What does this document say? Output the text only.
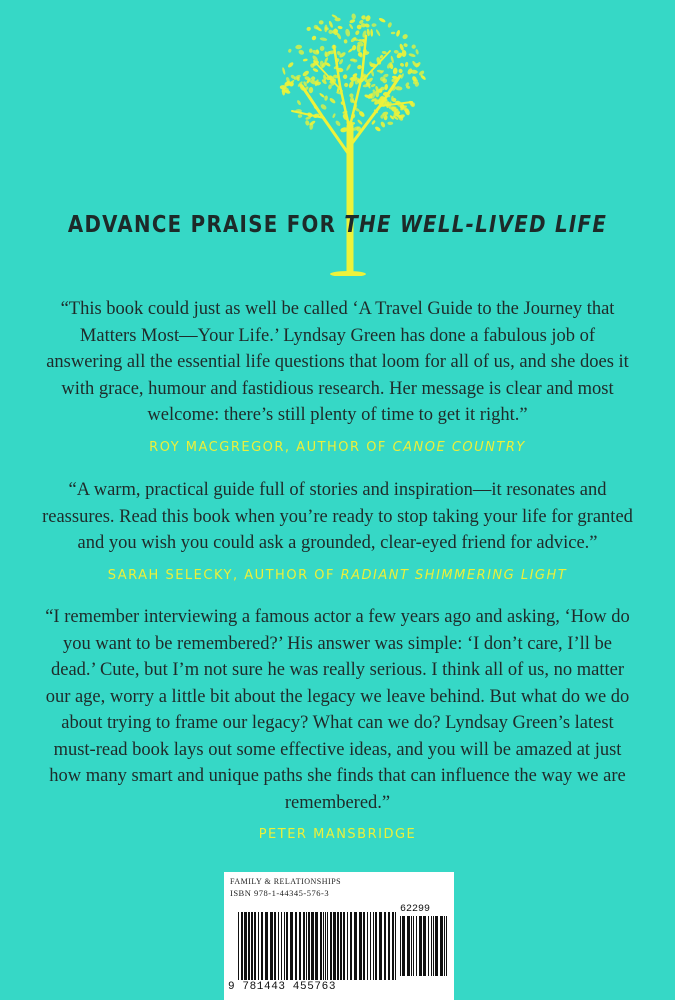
ADVANCE PRAISE FOR THE WELL-LIVED LIFE

“This book could just as well be called ‘A Travel Guide to the Journey that Matters Most—Your Life.’ Lyndsay Green has done a fabulous job of answering all the essential life questions that loom for all of us, and she does it with grace, humour and fastidious research. Her message is clear and most welcome: there’s still plenty of time to get it right.”

ROY MACGREGOR, AUTHOR OF CANOE COUNTRY

“A warm, practical guide full of stories and inspiration—it resonates and reassures. Read this book when you’re ready to stop taking your life for granted and you wish you could ask a grounded, clear-eyed friend for advice.”

SARAH SELECKY, AUTHOR OF RADIANT SHIMMERING LIGHT

“I remember interviewing a famous actor a few years ago and asking, ‘How do you want to be remembered?’ His answer was simple: ‘I don’t care, I’ll be dead.’ Cute, but I’m not sure he was really serious. I think all of us, no matter our age, worry a little bit about the legacy we leave behind. But what do we do about trying to frame our legacy? What can we do? Lyndsay Green’s latest must-read book lays out some effective ideas, and you will be amazed at just how many smart and unique paths she finds that can influence the way we are remembered.”

PETER MANSBRIDGE
FAMILY & RELATIONSHIPS
ISBN 978-1-44345-576-3
62299
9 781443 455763
